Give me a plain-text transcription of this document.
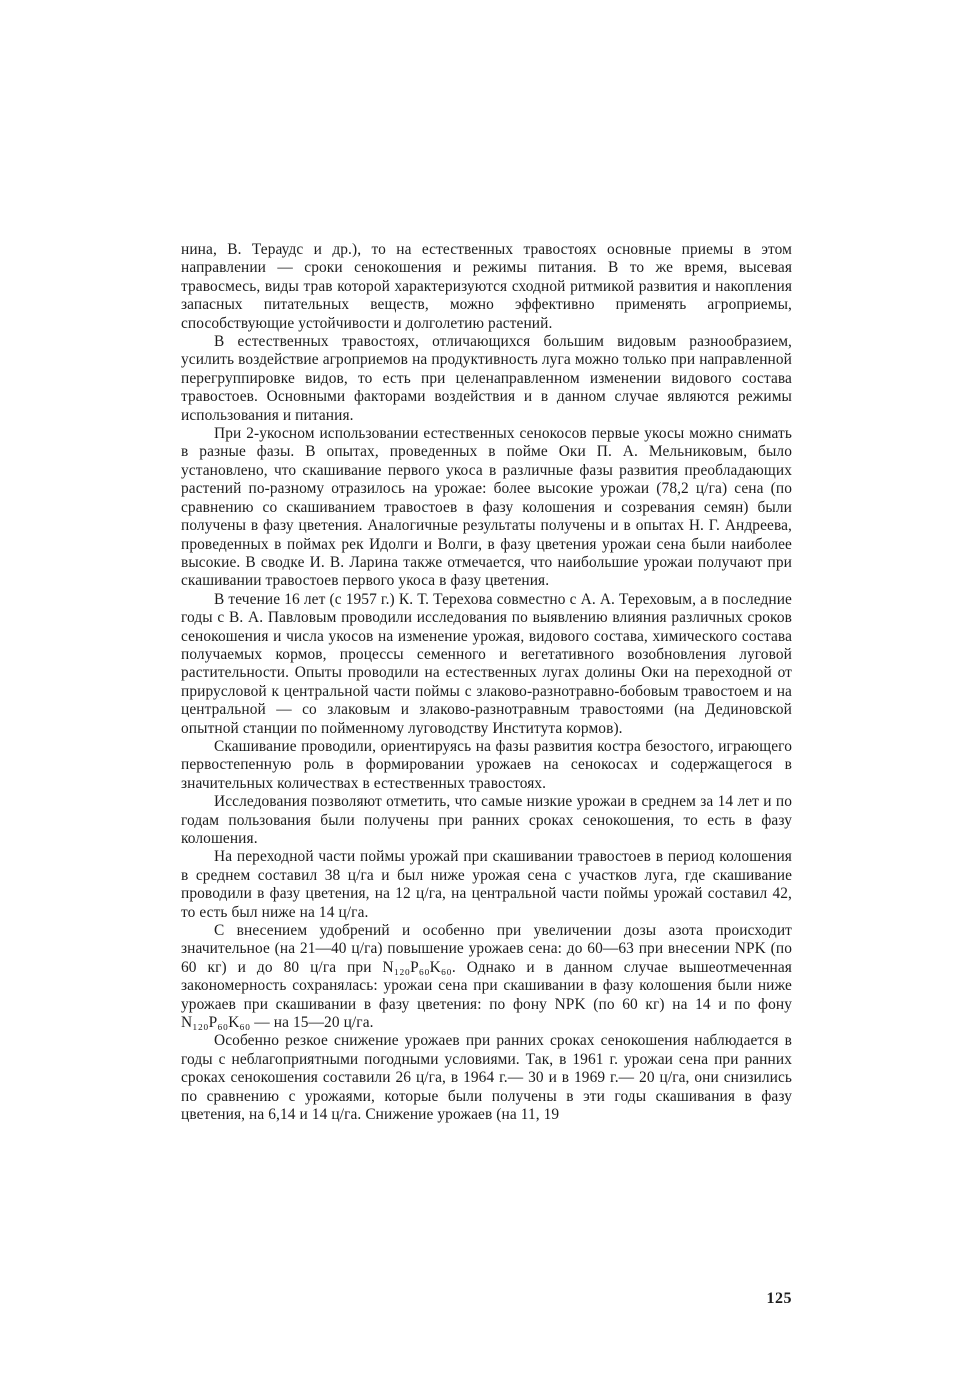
нина, В. Тераудс и др.), то на естественных травостоях основные приемы в этом направлении — сроки сенокошения и режимы питания. В то же время, высевая травосмесь, виды трав которой характеризуются сходной ритмикой развития и накопления запасных питательных веществ, можно эффективно применять агроприемы, способствующие устойчивости и долголетию растений.

В естественных травостоях, отличающихся большим видовым разнообразием, усилить воздействие агроприемов на продуктивность луга можно только при направленной перегруппировке видов, то есть при целенаправленном изменении видового состава травостоев. Основными факторами воздействия и в данном случае являются режимы использования и питания.

При 2-укосном использовании естественных сенокосов первые укосы можно снимать в разные фазы. В опытах, проведенных в пойме Оки П. А. Мельниковым, было установлено, что скашивание первого укоса в различные фазы развития преобладающих растений по-разному отразилось на урожае: более высокие урожаи (78,2 ц/га) сена (по сравнению со скашиванием травостоев в фазу колошения и созревания семян) были получены в фазу цветения. Аналогичные результаты получены и в опытах Н. Г. Андреева, проведенных в поймах рек Идолги и Волги, в фазу цветения урожаи сена были наиболее высокие. В сводке И. В. Ларина также отмечается, что наибольшие урожаи получают при скашивании травостоев первого укоса в фазу цветения.

В течение 16 лет (с 1957 г.) К. Т. Терехова совместно с А. А. Тереховым, а в последние годы с В. А. Павловым проводили исследования по выявлению влияния различных сроков сенокошения и числа укосов на изменение урожая, видового состава, химического состава получаемых кормов, процессы семенного и вегетативного возобновления луговой растительности. Опыты проводили на естественных лугах долины Оки на переходной от прирусловой к центральной части поймы с злаково-разнотравно-бобовым травостоем и на центральной — со злаковым и злаково-разнотравным травостоями (на Дединовской опытной станции по пойменному луговодству Института кормов).

Скашивание проводили, ориентируясь на фазы развития костра безостого, играющего первостепенную роль в формировании урожаев на сенокосах и содержащегося в значительных количествах в естественных травостоях.

Исследования позволяют отметить, что самые низкие урожаи в среднем за 14 лет и по годам пользования были получены при ранних сроках сенокошения, то есть в фазу колошения.

На переходной части поймы урожай при скашивании травостоев в период колошения в среднем составил 38 ц/га и был ниже урожая сена с участков луга, где скашивание проводили в фазу цветения, на 12 ц/га, на центральной части поймы урожай составил 42, то есть был ниже на 14 ц/га.

С внесением удобрений и особенно при увеличении дозы азота происходит значительное (на 21—40 ц/га) повышение урожаев сена: до 60—63 при внесении NPK (по 60 кг) и до 80 ц/га при N₁₂₀P₆₀K₆₀. Однако и в данном случае вышеотмеченная закономерность сохранялась: урожаи сена при скашивании в фазу колошения были ниже урожаев при скашивании в фазу цветения: по фону NPK (по 60 кг) на 14 и по фону N₁₂₀P₆₀K₆₀ — на 15—20 ц/га.

Особенно резкое снижение урожаев при ранних сроках сенокошения наблюдается в годы с неблагоприятными погодными условиями. Так, в 1961 г. урожаи сена при ранних сроках сенокошения составили 26 ц/га, в 1964 г.— 30 и в 1969 г.— 20 ц/га, они снизились по сравнению с урожаями, которые были получены в эти годы скашивания в фазу цветения, на 6,14 и 14 ц/га. Снижение урожаев (на 11, 19

125
